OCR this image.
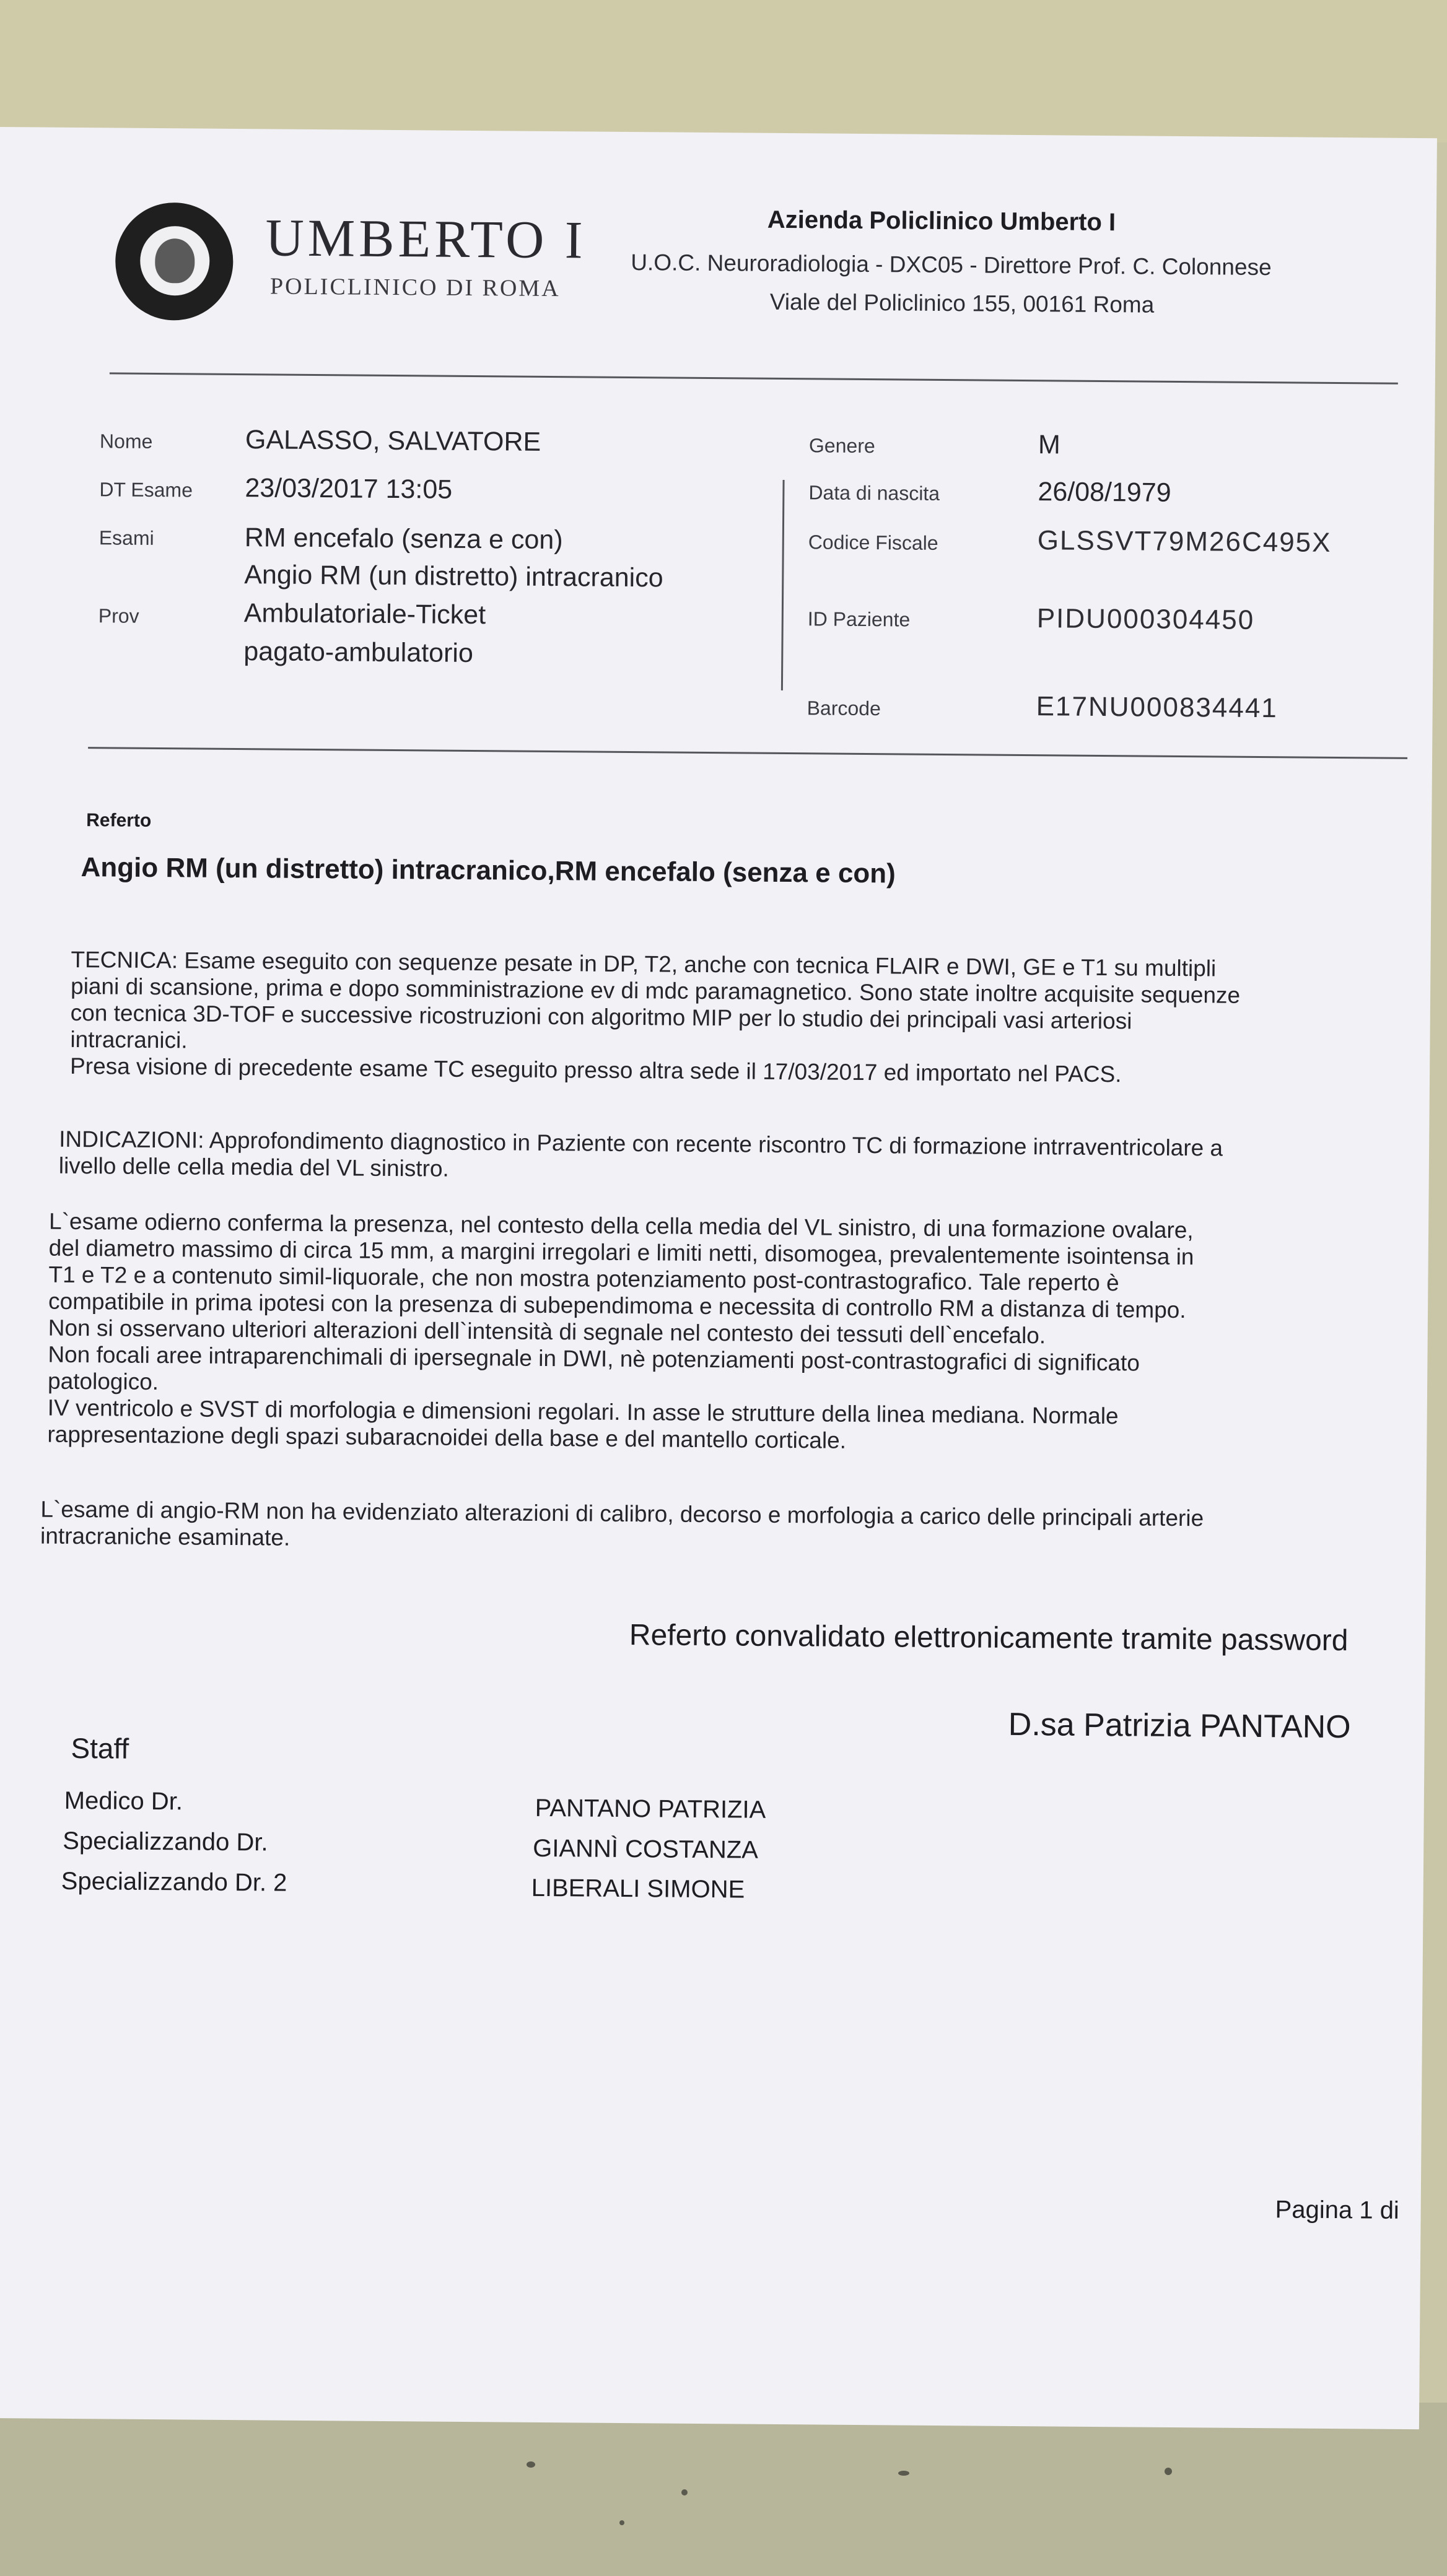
UMBERTO I
POLICLINICO DI ROMA
Azienda Policlinico Umberto I
U.O.C. Neuroradiologia - DXC05 - Direttore Prof. C. Colonnese
Viale del Policlinico 155, 00161 Roma
Nome	GALASSO, SALVATORE
DT Esame 23/03/2017 13:05
Esami	RM encefalo (senza e con)
Angio RM (un distretto) intracranico
Prov	Ambulatoriale-Ticket
pagato-ambulatorio
Genere	M
Data di nascita	26/08/1979
Codice Fiscale	GLSSVT79M26C495X
ID Paziente	PIDU000304450
Barcode	E17NU000834441
Referto
Angio RM (un distretto) intracranico,RM encefalo (senza e con)
TECNICA: Esame eseguito con sequenze pesate in DP, T2, anche con tecnica FLAIR e DWI, GE e T1 su multipli
piani di scansione, prima e dopo somministrazione ev di mdc paramagnetico. Sono state inoltre acquisite sequenze
con tecnica 3D-TOF e successive ricostruzioni con algoritmo MIP per lo studio dei principali vasi arteriosi
intracranici.
Presa visione di precedente esame TC eseguito presso altra sede il 17/03/2017 ed importato nel PACS.
INDICAZIONI: Approfondimento diagnostico in Paziente con recente riscontro TC di formazione intrraventricolare a
livello delle cella media del VL sinistro.
L`esame odierno conferma la presenza, nel contesto della cella media del VL sinistro, di una formazione ovalare,
del diametro massimo di circa 15 mm, a margini irregolari e limiti netti, disomogea, prevalentemente isointensa in
T1 e T2 e a contenuto simil-liquorale, che non mostra potenziamento post-contrastografico. Tale reperto è
compatibile in prima ipotesi con la presenza di subependimoma e necessita di controllo RM a distanza di tempo.
Non si osservano ulteriori alterazioni dell`intensità di segnale nel contesto dei tessuti dell`encefalo.
Non focali aree intraparenchimali di ipersegnale in DWI, nè potenziamenti post-contrastografici di significato
patologico.
IV ventricolo e SVST di morfologia e dimensioni regolari. In asse le strutture della linea mediana. Normale
rappresentazione degli spazi subaracnoidei della base e del mantello corticale.
L`esame di angio-RM non ha evidenziato alterazioni di calibro, decorso e morfologia a carico delle principali arterie
intracraniche esaminate.
Referto convalidato elettronicamente tramite password
D.sa Patrizia PANTANO
Staff
Medico Dr.	PANTANO PATRIZIA
Specializzando Dr.	GIANNÌ COSTANZA
Specializzando Dr. 2	LIBERALI SIMONE
Pagina 1 di
